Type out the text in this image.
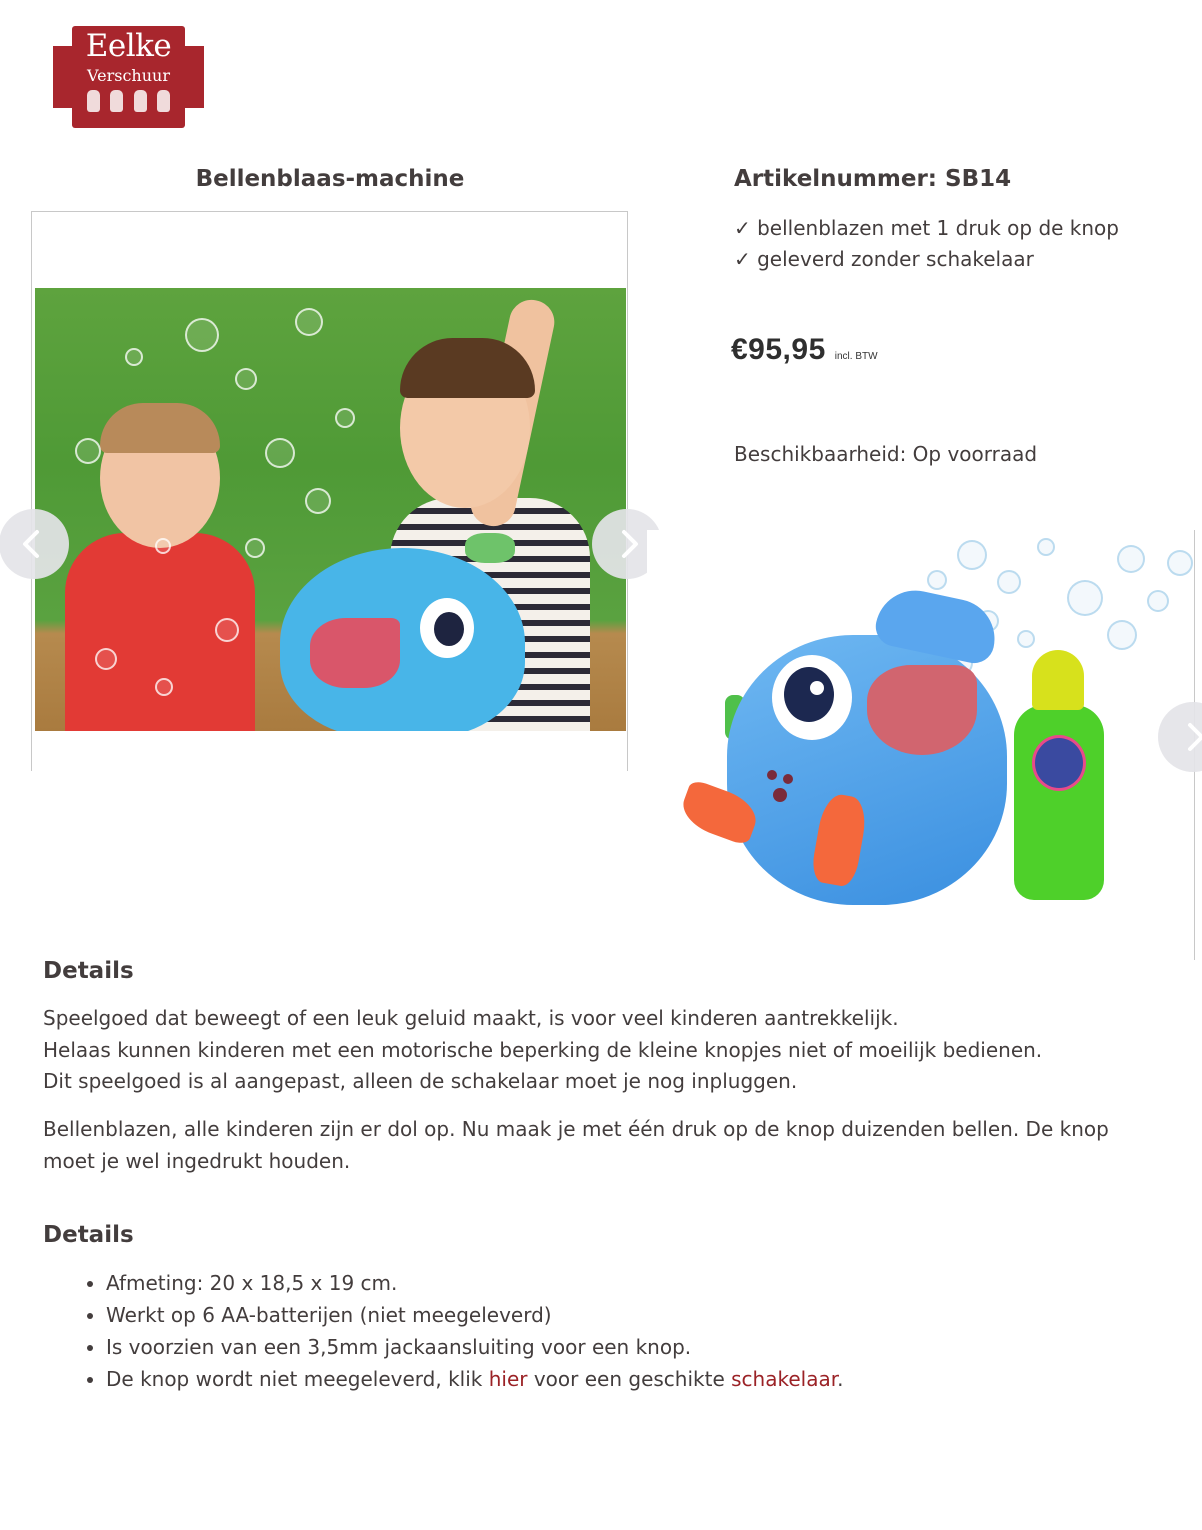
Eelke
Verschuur
Bellenblaas-machine	Artikelnummer: SB14
✓ bellenblazen met 1 druk op de knop
✓ geleverd zonder schakelaar
€95,95 incl. BTW
Beschikbaarheid: Op voorraad
Details

Speelgoed dat beweegt of een leuk geluid maakt, is voor veel kinderen aantrekkelijk.
Helaas kunnen kinderen met een motorische beperking de kleine knopjes niet of moeilijk bedienen.
Dit speelgoed is al aangepast, alleen de schakelaar moet je nog inpluggen.

Bellenblazen, alle kinderen zijn er dol op. Nu maak je met één druk op de knop duizenden bellen. De knop moet je wel ingedrukt houden.

Details
Afmeting: 20 x 18,5 x 19 cm.
Werkt op 6 AA-batterijen (niet meegeleverd)
Is voorzien van een 3,5mm jackaansluiting voor een knop.
De knop wordt niet meegeleverd, klik hier voor een geschikte schakelaar.
